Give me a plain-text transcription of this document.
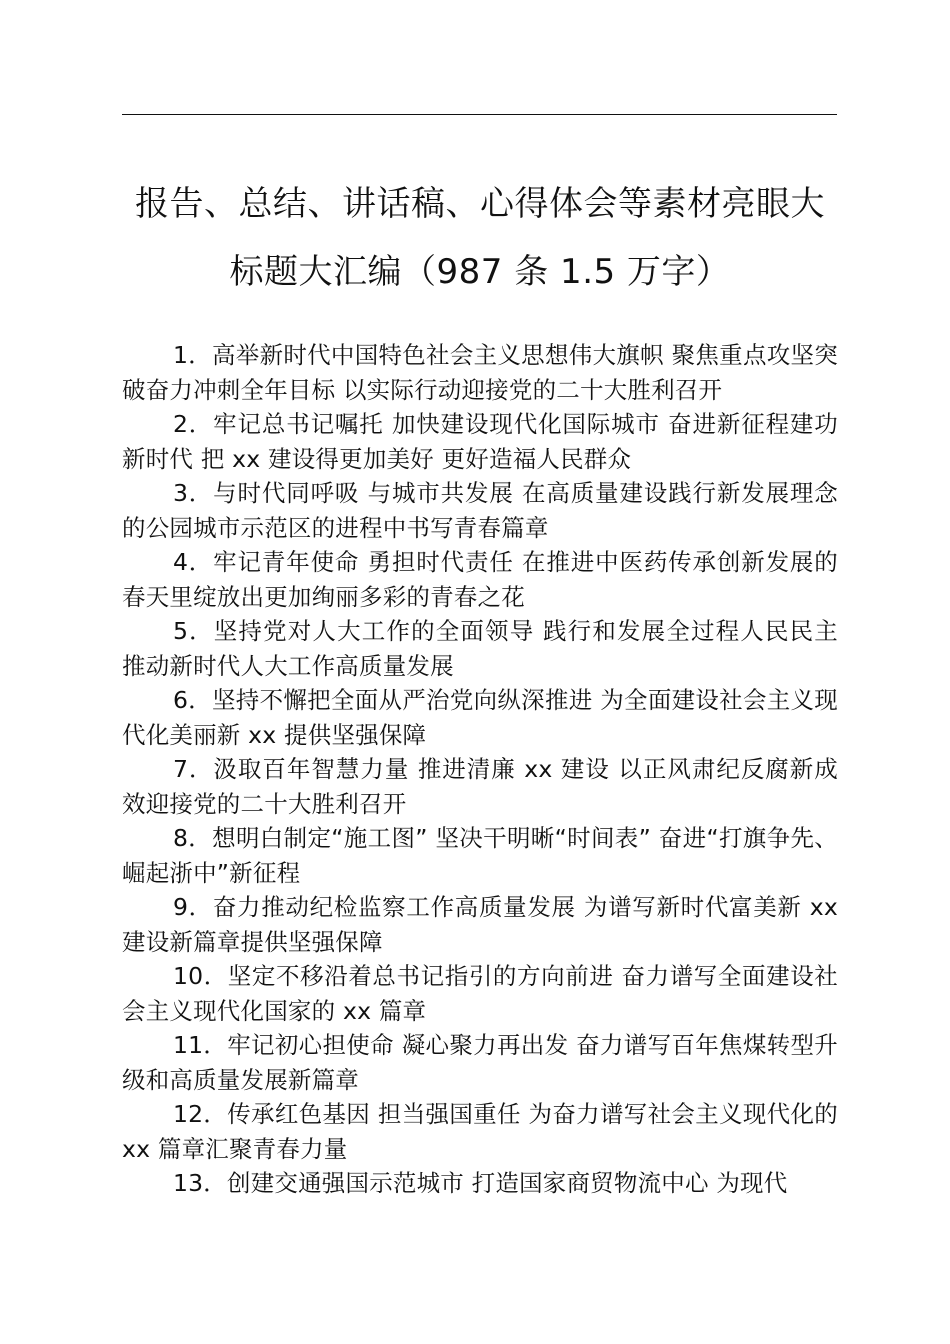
报告、总结、讲话稿、心得体会等素材亮眼大
标题大汇编（987 条 1.5 万字）
1．高举新时代中国特色社会主义思想伟大旗帜 聚焦重点攻坚突破奋力冲刺全年目标 以实际行动迎接党的二十大胜利召开
2．牢记总书记嘱托 加快建设现代化国际城市 奋进新征程建功新时代 把 xx 建设得更加美好 更好造福人民群众
3．与时代同呼吸 与城市共发展 在高质量建设践行新发展理念的公园城市示范区的进程中书写青春篇章
4．牢记青年使命 勇担时代责任 在推进中医药传承创新发展的春天里绽放出更加绚丽多彩的青春之花
5．坚持党对人大工作的全面领导 践行和发展全过程人民民主 推动新时代人大工作高质量发展
6．坚持不懈把全面从严治党向纵深推进 为全面建设社会主义现代化美丽新 xx 提供坚强保障
7．汲取百年智慧力量 推进清廉 xx 建设 以正风肃纪反腐新成效迎接党的二十大胜利召开
8．想明白制定“施工图” 坚决干明晰“时间表” 奋进“打旗争先、崛起浙中”新征程
9．奋力推动纪检监察工作高质量发展 为谱写新时代富美新 xx 建设新篇章提供坚强保障
10．坚定不移沿着总书记指引的方向前进 奋力谱写全面建设社会主义现代化国家的 xx 篇章
11．牢记初心担使命 凝心聚力再出发 奋力谱写百年焦煤转型升级和高质量发展新篇章
12．传承红色基因 担当强国重任 为奋力谱写社会主义现代化的 xx 篇章汇聚青春力量
13．创建交通强国示范城市 打造国家商贸物流中心 为现代
